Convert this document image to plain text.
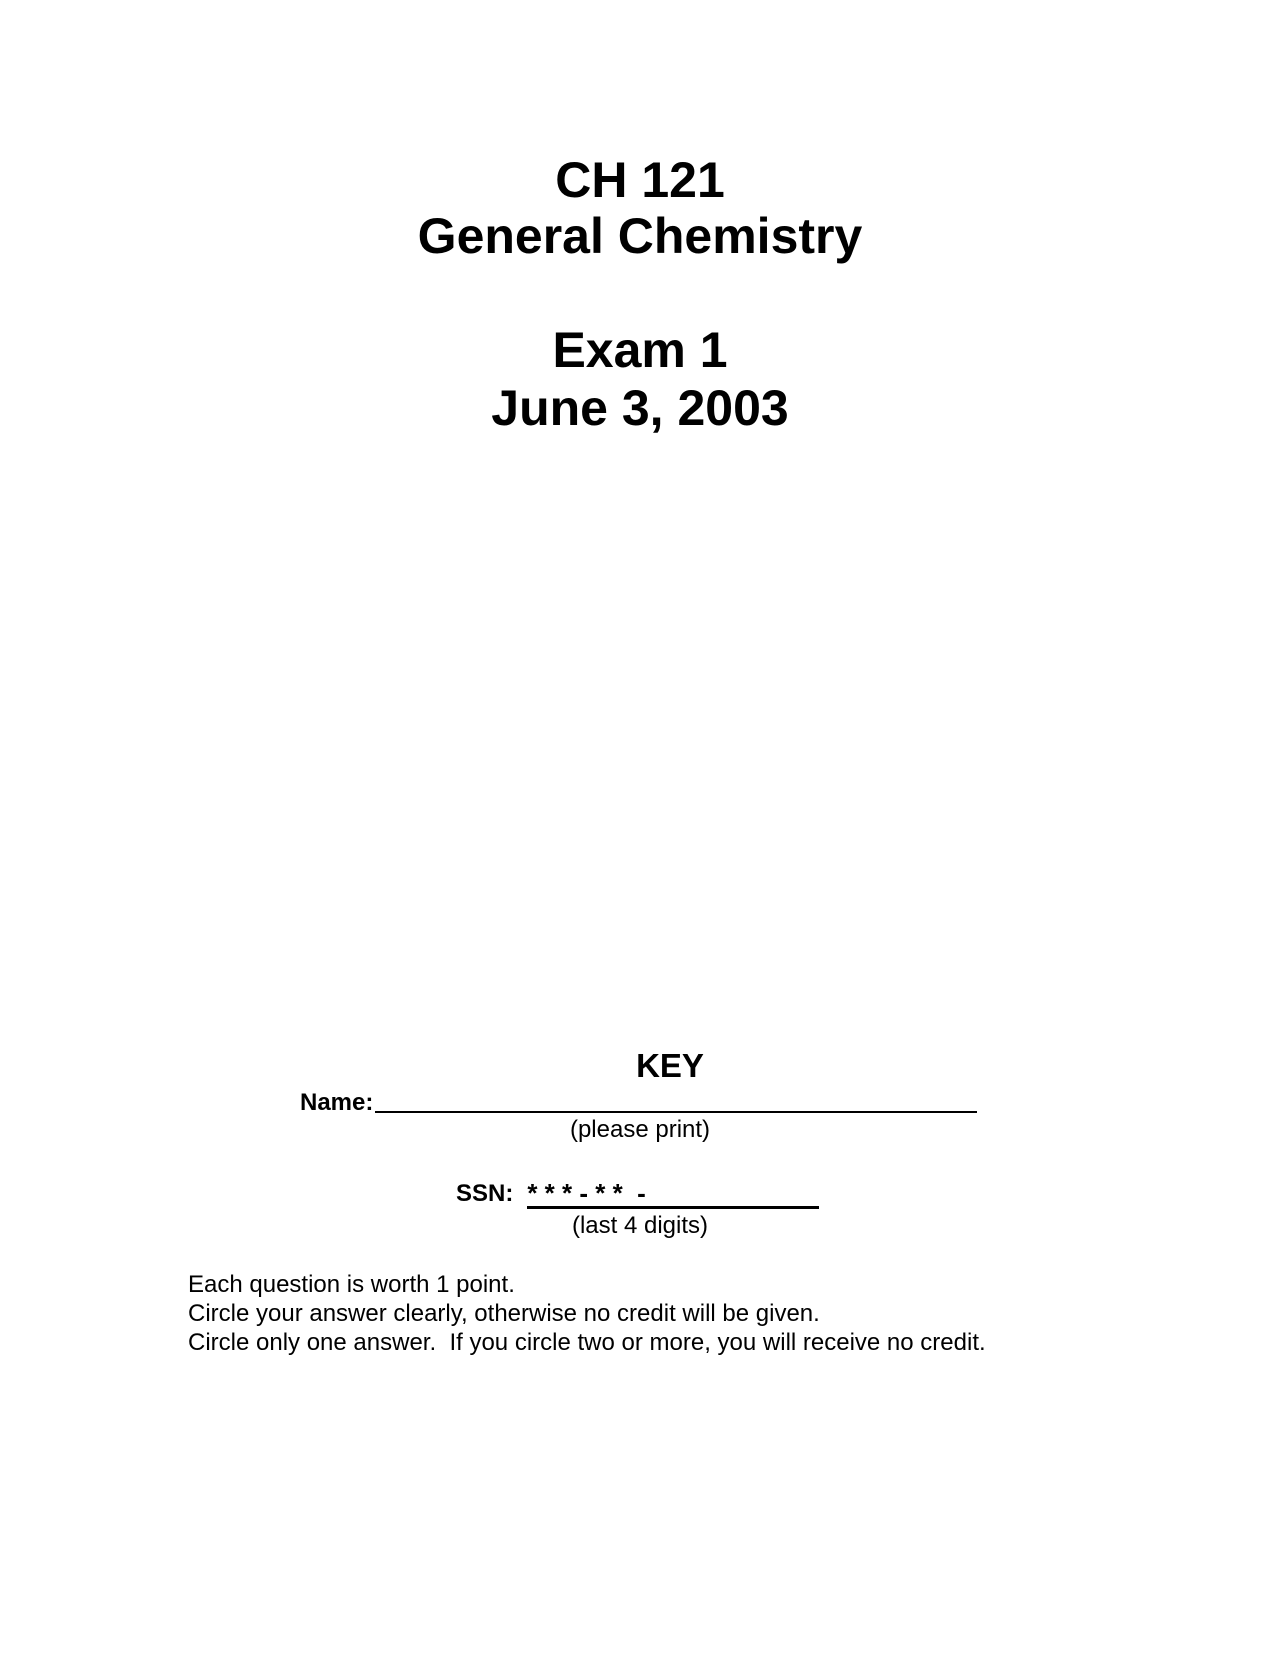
CH 121
General Chemistry
Exam 1
June 3, 2003
KEY
Name:
(please print)
SSN: * * * - * *  -
(last 4 digits)

Each question is worth 1 point.

Circle your answer clearly, otherwise no credit will be given.

Circle only one answer.  If you circle two or more, you will receive no credit.
